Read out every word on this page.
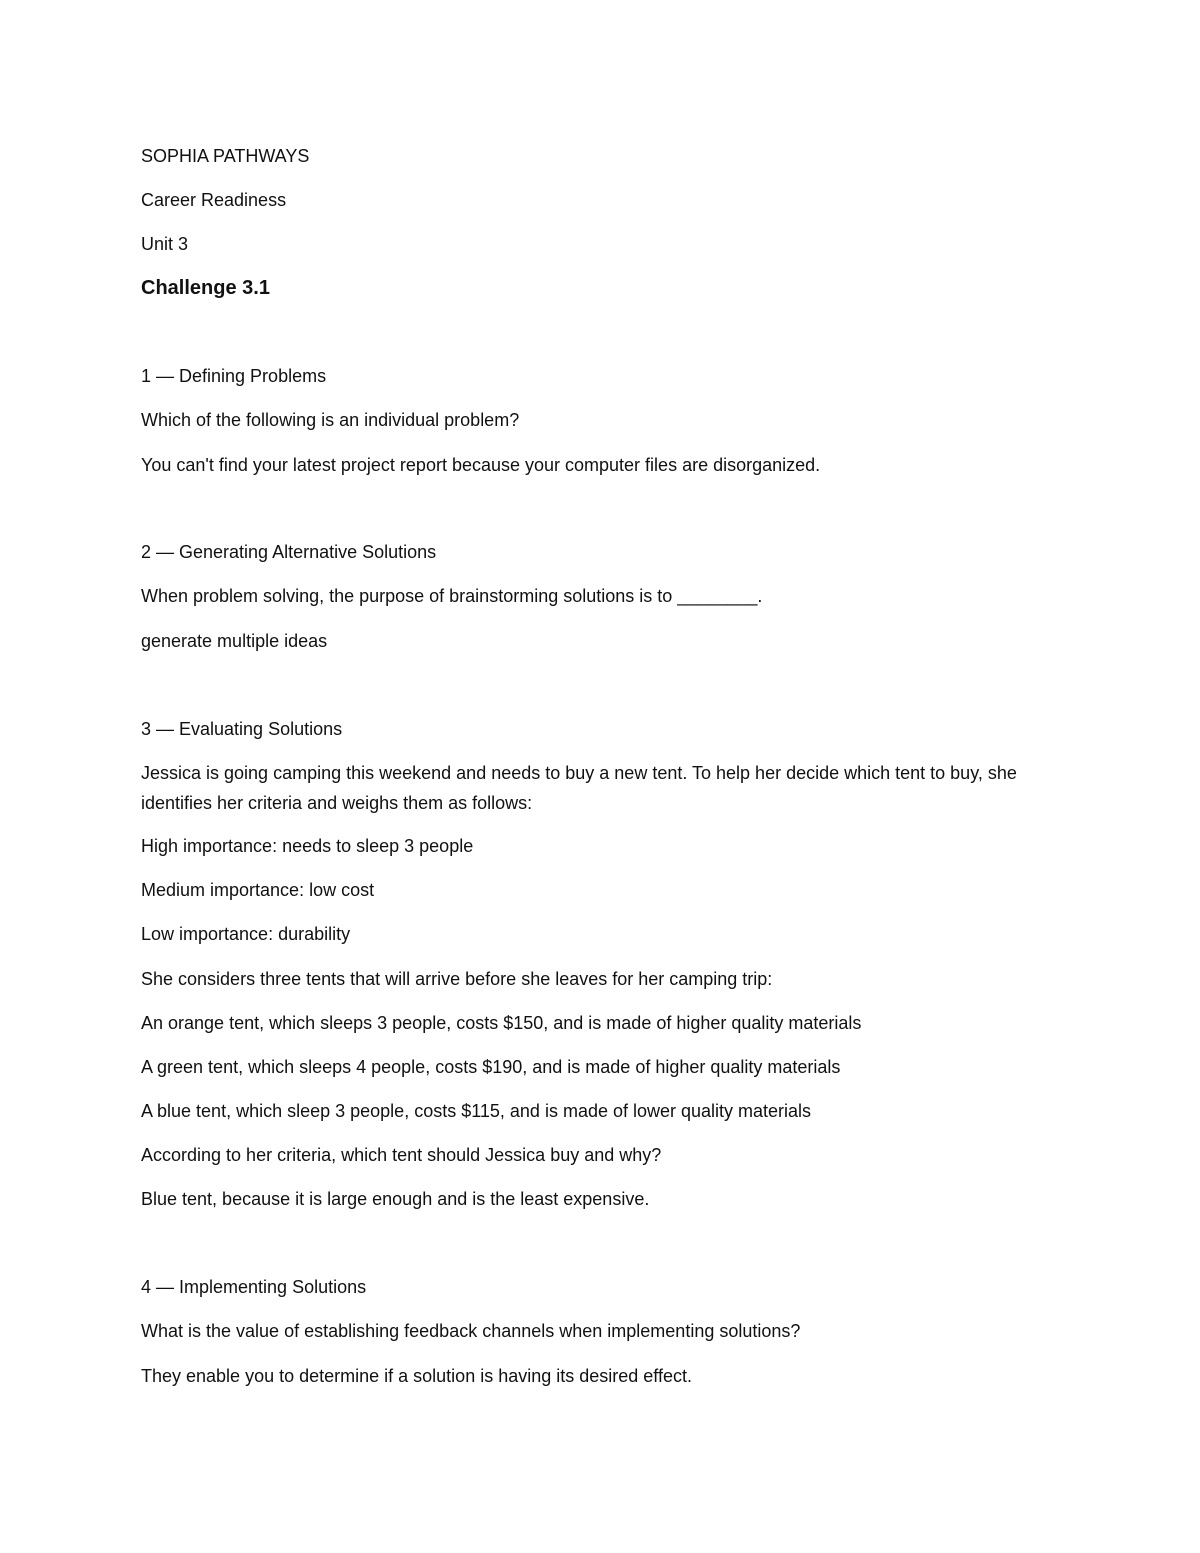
SOPHIA PATHWAYS

Career Readiness

Unit 3

Challenge 3.1

1 — Defining Problems

Which of the following is an individual problem?

You can't find your latest project report because your computer files are disorganized.

2 — Generating Alternative Solutions

When problem solving, the purpose of brainstorming solutions is to ________.

generate multiple ideas

3 — Evaluating Solutions

Jessica is going camping this weekend and needs to buy a new tent. To help her decide which tent to buy, she identifies her criteria and weighs them as follows:

High importance: needs to sleep 3 people

Medium importance: low cost

Low importance: durability

She considers three tents that will arrive before she leaves for her camping trip:

An orange tent, which sleeps 3 people, costs $150, and is made of higher quality materials

A green tent, which sleeps 4 people, costs $190, and is made of higher quality materials

A blue tent, which sleep 3 people, costs $115, and is made of lower quality materials

According to her criteria, which tent should Jessica buy and why?

Blue tent, because it is large enough and is the least expensive.

4 — Implementing Solutions

What is the value of establishing feedback channels when implementing solutions?

They enable you to determine if a solution is having its desired effect.
